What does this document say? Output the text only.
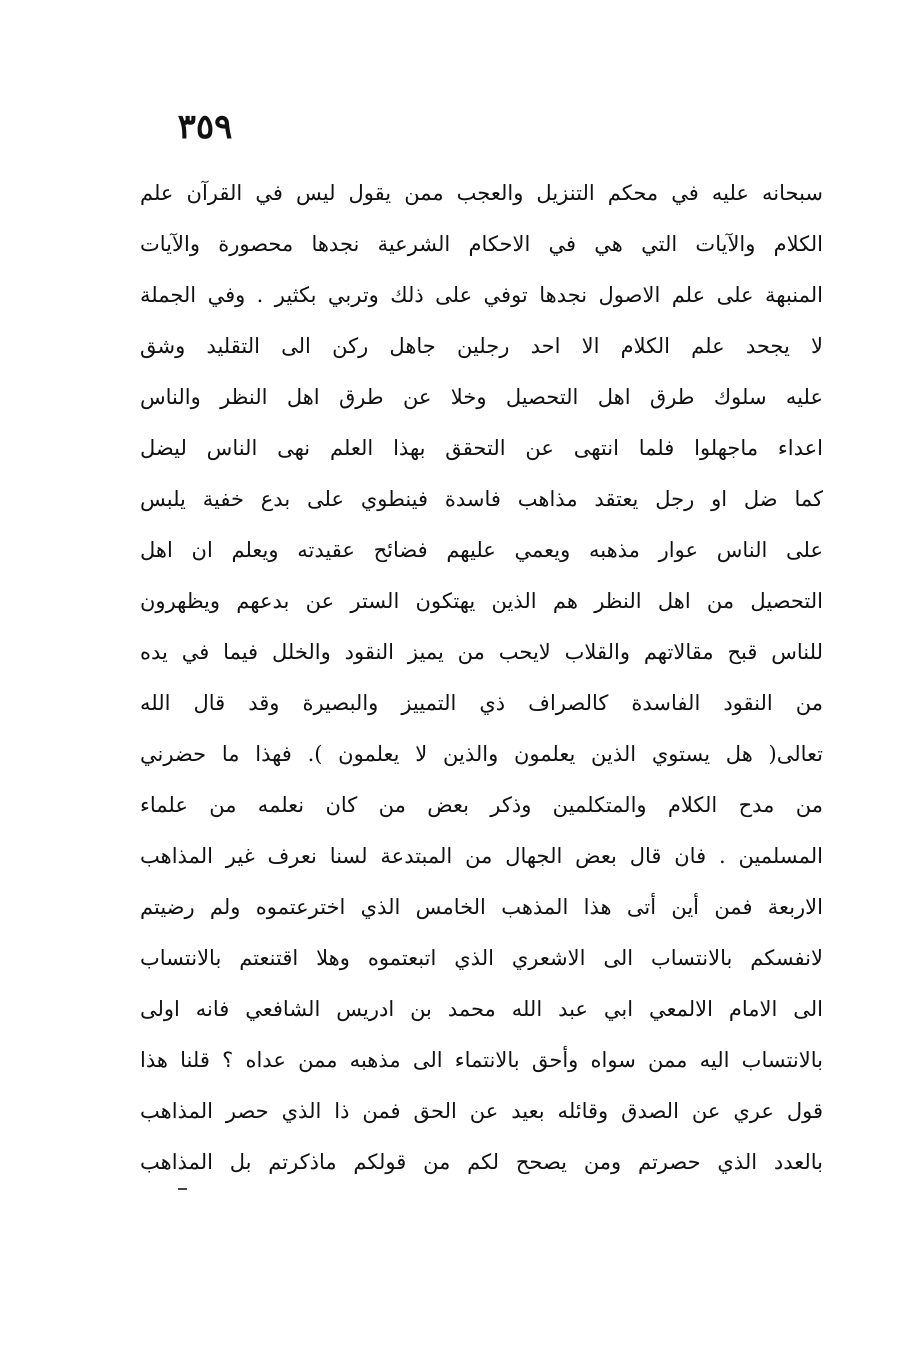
٣٥٩
سبحانه عليه في محكم التنزيل والعجب ممن يقول ليس في القرآن علم
الكلام والآيات التي هي في الاحكام الشرعية نجدها محصورة والآيات
المنبهة على علم الاصول نجدها توفي على ذلك وتربي بكثير . وفي الجملة
لا يجحد علم الكلام الا احد رجلين جاهل ركن الى التقليد وشق
عليه سلوك طرق اهل التحصيل وخلا عن طرق اهل النظر والناس
اعداء ماجهلوا فلما انتهى عن التحقق بهذا العلم نهى الناس ليضل
كما ضل او رجل يعتقد مذاهب فاسدة فينطوي على بدع خفية يلبس
على الناس عوار مذهبه ويعمي عليهم فضائح عقيدته ويعلم ان اهل
التحصيل من اهل النظر هم الذين يهتكون الستر عن بدعهم ويظهرون
للناس قبح مقالاتهم والقلاب لايحب من يميز النقود والخلل فيما في يده
من النقود الفاسدة كالصراف ذي التمييز والبصيرة وقد قال الله
تعالى( هل يستوي الذين يعلمون والذين لا يعلمون ). فهذا ما حضرني
من مدح الكلام والمتكلمين وذكر بعض من كان نعلمه من علماء
المسلمين . فان قال بعض الجهال من المبتدعة لسنا نعرف غير المذاهب
الاربعة فمن أين أتى هذا المذهب الخامس الذي اخترعتموه ولم رضيتم
لانفسكم بالانتساب الى الاشعري الذي اتبعتموه وهلا اقتنعتم بالانتساب
الى الامام الالمعي ابي عبد الله محمد بن ادريس الشافعي فانه اولى
بالانتساب اليه ممن سواه وأحق بالانتماء الى مذهبه ممن عداه ؟ قلنا هذا
قول عري عن الصدق وقائله بعيد عن الحق فمن ذا الذي حصر المذاهب
بالعدد الذي حصرتم ومن يصحح لكم من قولكم ماذكرتم بل المذاهب
